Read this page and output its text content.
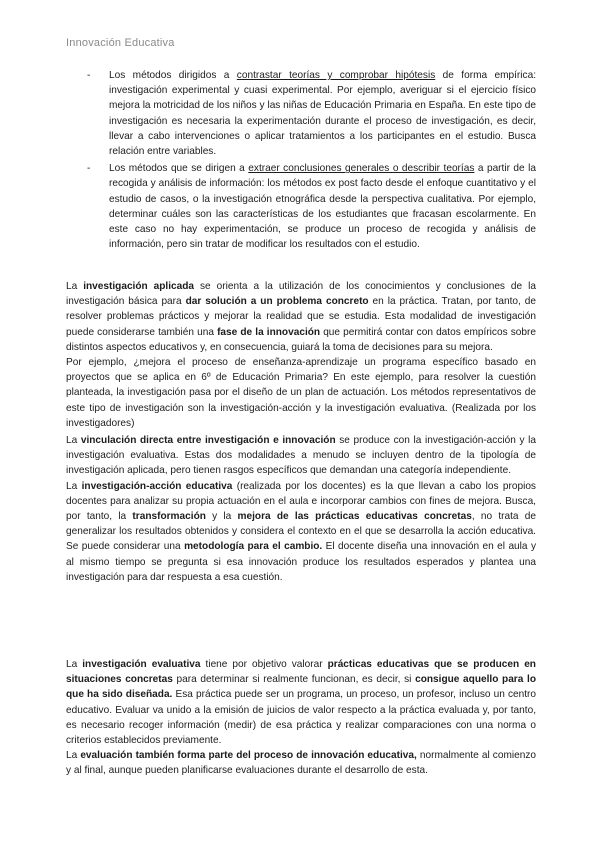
Innovación Educativa
-	Los métodos dirigidos a contrastar teorías y comprobar hipótesis de forma empírica: investigación experimental y cuasi experimental. Por ejemplo, averiguar si el ejercicio físico mejora la motricidad de los niños y las niñas de Educación Primaria en España. En este tipo de investigación es necesaria la experimentación durante el proceso de investigación, es decir, llevar a cabo intervenciones o aplicar tratamientos a los participantes en el estudio. Busca relación entre variables.
-	Los métodos que se dirigen a extraer conclusiones generales o describir teorías a partir de la recogida y análisis de información: los métodos ex post facto desde el enfoque cuantitativo y el estudio de casos, o la investigación etnográfica desde la perspectiva cualitativa. Por ejemplo, determinar cuáles son las características de los estudiantes que fracasan escolarmente. En este caso no hay experimentación, se produce un proceso de recogida y análisis de información, pero sin tratar de modificar los resultados con el estudio.

La investigación aplicada se orienta a la utilización de los conocimientos y conclusiones de la investigación básica para dar solución a un problema concreto en la práctica. Tratan, por tanto, de resolver problemas prácticos y mejorar la realidad que se estudia. Esta modalidad de investigación puede considerarse también una fase de la innovación que permitirá contar con datos empíricos sobre distintos aspectos educativos y, en consecuencia, guiará la toma de decisiones para su mejora.

Por ejemplo, ¿mejora el proceso de enseñanza-aprendizaje un programa específico basado en proyectos que se aplica en 6º de Educación Primaria? En este ejemplo, para resolver la cuestión planteada, la investigación pasa por el diseño de un plan de actuación. Los métodos representativos de este tipo de investigación son la investigación-acción y la investigación evaluativa. (Realizada por los investigadores)

La vinculación directa entre investigación e innovación se produce con la investigación-acción y la investigación evaluativa. Estas dos modalidades a menudo se incluyen dentro de la tipología de investigación aplicada, pero tienen rasgos específicos que demandan una categoría independiente.

La investigación-acción educativa (realizada por los docentes) es la que llevan a cabo los propios docentes para analizar su propia actuación en el aula e incorporar cambios con fines de mejora. Busca, por tanto, la transformación y la mejora de las prácticas educativas concretas, no trata de generalizar los resultados obtenidos y considera el contexto en el que se desarrolla la acción educativa. Se puede considerar una metodología para el cambio. El docente diseña una innovación en el aula y al mismo tiempo se pregunta si esa innovación produce los resultados esperados y plantea una investigación para dar respuesta a esa cuestión.

La investigación evaluativa tiene por objetivo valorar prácticas educativas que se producen en situaciones concretas para determinar si realmente funcionan, es decir, si consigue aquello para lo que ha sido diseñada. Esa práctica puede ser un programa, un proceso, un profesor, incluso un centro educativo. Evaluar va unido a la emisión de juicios de valor respecto a la práctica evaluada y, por tanto, es necesario recoger información (medir) de esa práctica y realizar comparaciones con una norma o criterios establecidos previamente.

La evaluación también forma parte del proceso de innovación educativa, normalmente al comienzo y al final, aunque pueden planificarse evaluaciones durante el desarrollo de esta.
